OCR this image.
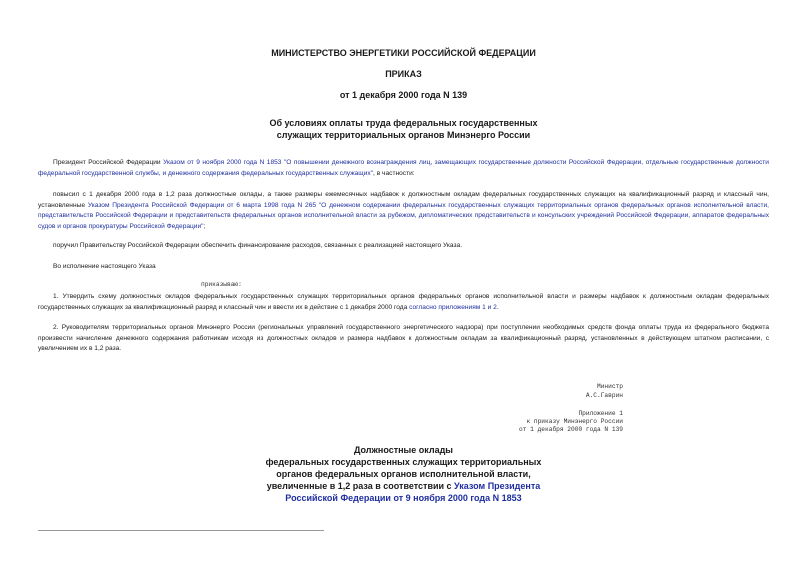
МИНИСТЕРСТВО ЭНЕРГЕТИКИ РОССИЙСКОЙ ФЕДЕРАЦИИ
ПРИКАЗ
от 1 декабря 2000 года N 139
Об условиях оплаты труда федеральных государственных
служащих территориальных органов Минэнерго России

Президент Российской Федерации Указом от 9 ноября 2000 года N 1853 "О повышении денежного вознаграждения лиц, замещающих государственные должности Российской Федерации, отдельные государственные должности федеральной государственной службы, и денежного содержания федеральных государственных служащих", в частности:

повысил с 1 декабря 2000 года в 1,2 раза должностные оклады, а также размеры ежемесячных надбавок к должностным окладам федеральных государственных служащих на квалификационный разряд и классный чин, установленные Указом Президента Российской Федерации от 6 марта 1998 года N 265 "О денежном содержании федеральных государственных служащих территориальных органов федеральных органов исполнительной власти, представительств Российской Федерации и представительств федеральных органов исполнительной власти за рубежом, дипломатических представительств и консульских учреждений Российской Федерации, аппаратов федеральных судов и органов прокуратуры Российской Федерации";

поручил Правительству Российской Федерации обеспечить финансирование расходов, связанных с реализацией настоящего Указа.

Во исполнение настоящего Указа

приказываю:

1. Утвердить схему должностных окладов федеральных государственных служащих территориальных органов федеральных органов исполнительной власти и размеры надбавок к должностным окладам федеральных государственных служащих за квалификационный разряд и классный чин и ввести их в действие с 1 декабря 2000 года согласно приложениям 1 и 2.

2. Руководителям территориальных органов Минэнерго России (региональных управлений государственного энергетического надзора) при поступлении необходимых средств фонда оплаты труда из федерального бюджета произвести начисление денежного содержания работникам исходя из должностных окладов и размера надбавок к должностным окладам за квалификационный разряд, установленных в действующем штатном расписании, с увеличением их в 1,2 раза.

Министр
А.С.Гаврин
Приложение 1
к приказу Минэнерго России
от 1 декабря 2000 года N 139
Должностные оклады
федеральных государственных служащих территориальных
органов федеральных органов исполнительной власти,
увеличенные в 1,2 раза в соответствии с Указом Президента
Российской Федерации от 9 ноября 2000 года N 1853
